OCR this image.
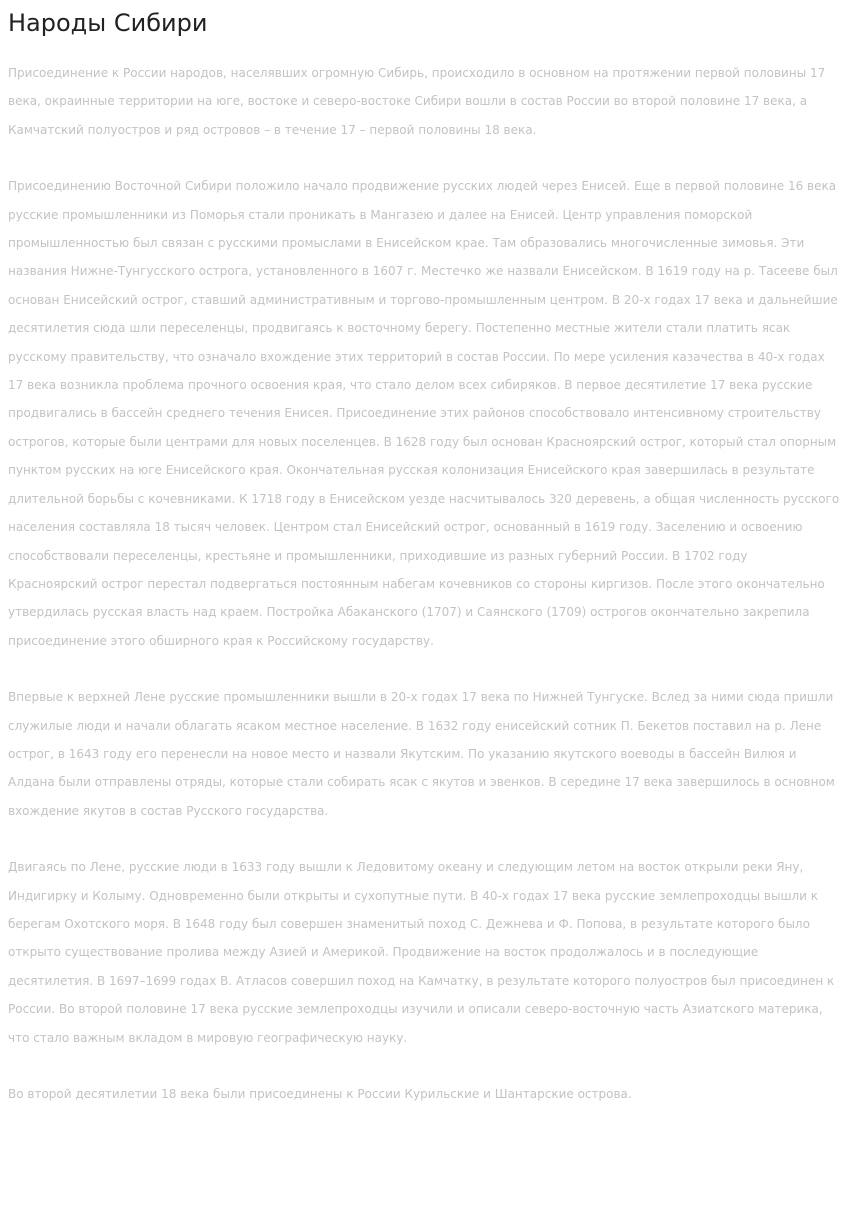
Народы Сибири

Присоединение к России народов, населявших огромную Сибирь, происходило в основном на протяжении первой половины 17 века, окраинные территории на юге, востоке и северо-востоке Сибири вошли в состав России во второй половине 17 века, а Камчатский полуостров и ряд островов – в течение 17 – первой половины 18 века.

Присоединению Восточной Сибири положило начало продвижение русских людей через Енисей. Еще в первой половине 16 века русские промышленники из Поморья стали проникать в Мангазею и далее на Енисей. Центр управления поморской промышленностью был связан с русскими промыслами в Енисейском крае. Там образовались многочисленные зимовья. Эти названия Нижне-Тунгусского острога, установленного в 1607 г. Местечко же назвали Енисейском. В 1619 году на р. Тасееве был основан Енисейский острог, ставший административным и торгово-промышленным центром. В 20-х годах 17 века и дальнейшие десятилетия сюда шли переселенцы, продвигаясь к восточному берегу. Постепенно местные жители стали платить ясак русскому правительству, что означало вхождение этих территорий в состав России. По мере усиления казачества в 40-х годах 17 века возникла проблема прочного освоения края, что стало делом всех сибиряков. В первое десятилетие 17 века русские продвигались в бассейн среднего течения Енисея. Присоединение этих районов способствовало интенсивному строительству острогов, которые были центрами для новых поселенцев. В 1628 году был основан Красноярский острог, который стал опорным пунктом русских на юге Енисейского края. Окончательная русская колонизация Енисейского края завершилась в результате длительной борьбы с кочевниками. К 1718 году в Енисейском уезде насчитывалось 320 деревень, а общая численность русского населения составляла 18 тысяч человек. Центром стал Енисейский острог, основанный в 1619 году. Заселению и освоению способствовали переселенцы, крестьяне и промышленники, приходившие из разных губерний России. В 1702 году Красноярский острог перестал подвергаться постоянным набегам кочевников со стороны киргизов. После этого окончательно утвердилась русская власть над краем. Постройка Абаканского (1707) и Саянского (1709) острогов окончательно закрепила присоединение этого обширного края к Российскому государству.

Впервые к верхней Лене русские промышленники вышли в 20-х годах 17 века по Нижней Тунгуске. Вслед за ними сюда пришли служилые люди и начали облагать ясаком местное население. В 1632 году енисейский сотник П. Бекетов поставил на р. Лене острог, в 1643 году его перенесли на новое место и назвали Якутским. По указанию якутского воеводы в бассейн Вилюя и Алдана были отправлены отряды, которые стали собирать ясак с якутов и эвенков. В середине 17 века завершилось в основном вхождение якутов в состав Русского государства.

Двигаясь по Лене, русские люди в 1633 году вышли к Ледовитому океану и следующим летом на восток открыли реки Яну, Индигирку и Колыму. Одновременно были открыты и сухопутные пути. В 40-х годах 17 века русские землепроходцы вышли к берегам Охотского моря. В 1648 году был совершен знаменитый поход С. Дежнева и Ф. Попова, в результате которого было открыто существование пролива между Азией и Америкой. Продвижение на восток продолжалось и в последующие десятилетия. В 1697–1699 годах В. Атласов совершил поход на Камчатку, в результате которого полуостров был присоединен к России. Во второй половине 17 века русские землепроходцы изучили и описали северо-восточную часть Азиатского материка, что стало важным вкладом в мировую географическую науку.

Во второй десятилетии 18 века были присоединены к России Курильские и Шантарские острова.
